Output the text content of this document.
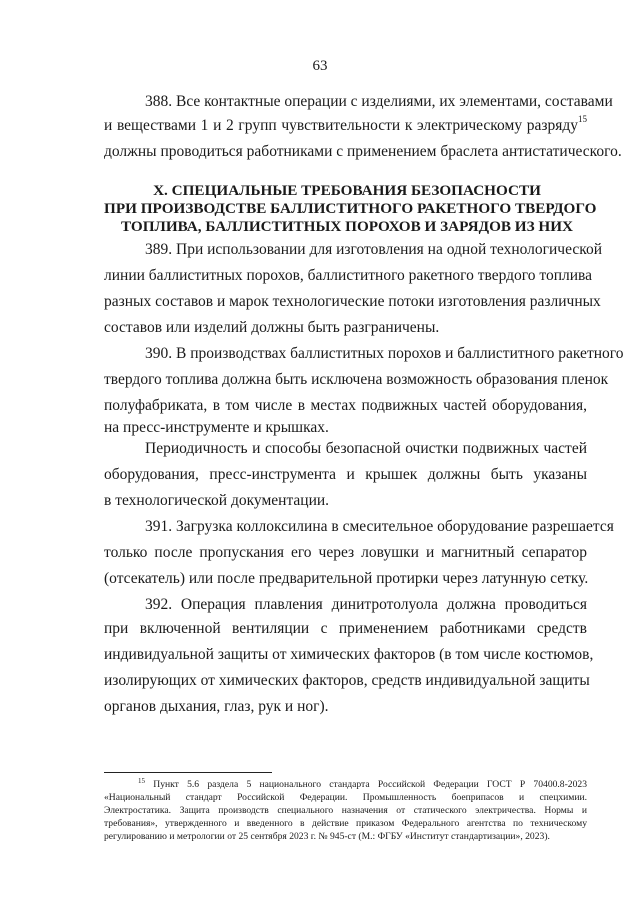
63
388. Все контактные операции с изделиями, их элементами, составами
и веществами 1 и 2 групп чувствительности к электрическому разряду$^{15}$
должны проводиться работниками с применением браслета антистатического.
X. СПЕЦИАЛЬНЫЕ ТРЕБОВАНИЯ БЕЗОПАСНОСТИ
ПРИ ПРОИЗВОДСТВЕ БАЛЛИСТИТНОГО РАКЕТНОГО ТВЕРДОГО
ТОПЛИВА, БАЛЛИСТИТНЫХ ПОРОХОВ И ЗАРЯДОВ ИЗ НИХ
389. При использовании для изготовления на одной технологической
линии баллиститных порохов, баллиститного ракетного твердого топлива
разных составов и марок технологические потоки изготовления различных
составов или изделий должны быть разграничены.
390. В производствах баллиститных порохов и баллиститного ракетного
твердого топлива должна быть исключена возможность образования пленок
полуфабриката, в том числе в местах подвижных частей оборудования,
на пресс-инструменте и крышках.
Периодичность и способы безопасной очистки подвижных частей
оборудования, пресс-инструмента и крышек должны быть указаны
в технологической документации.
391. Загрузка коллоксилина в смесительное оборудование разрешается
только после пропускания его через ловушки и магнитный сепаратор
(отсекатель) или после предварительной протирки через латунную сетку.
392. Операция плавления динитротолуола должна проводиться
при включенной вентиляции с применением работниками средств
индивидуальной защиты от химических факторов (в том числе костюмов,
изолирующих от химических факторов, средств индивидуальной защиты
органов дыхания, глаз, рук и ног).
$^{15}$ Пункт 5.6 раздела 5 национального стандарта Российской Федерации ГОСТ Р 70400.8-2023
«Национальный стандарт Российской Федерации. Промышленность боеприпасов и спецхимии.
Электростатика. Защита производств специального назначения от статического электричества. Нормы и
требования», утвержденного и введенного в действие приказом Федерального агентства по техническому
регулированию и метрологии от 25 сентября 2023 г. № 945-ст (М.: ФГБУ «Институт стандартизации», 2023).
